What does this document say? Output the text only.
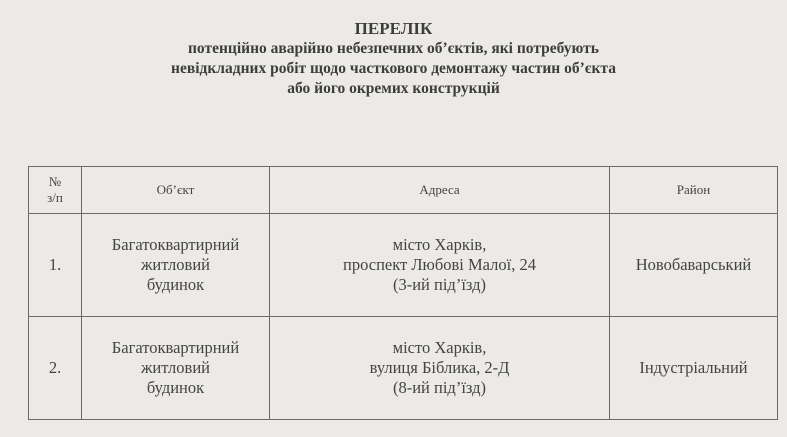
ПЕРЕЛІК
потенційно аварійно небезпечних об’єктів, які потребують
невідкладних робіт щодо часткового демонтажу частин об’єкта
або його окремих конструкцій
№
з/п	Об’єкт	Адреса	Район
1.	Багатоквартирний
житловий
будинок	місто Харків,
проспект Любові Малої, 24
(3-ий під’їзд)	Новобаварський
2.	Багатоквартирний
житловий
будинок	місто Харків,
вулиця Біблика, 2-Д
(8-ий під’їзд)	Індустріальний
